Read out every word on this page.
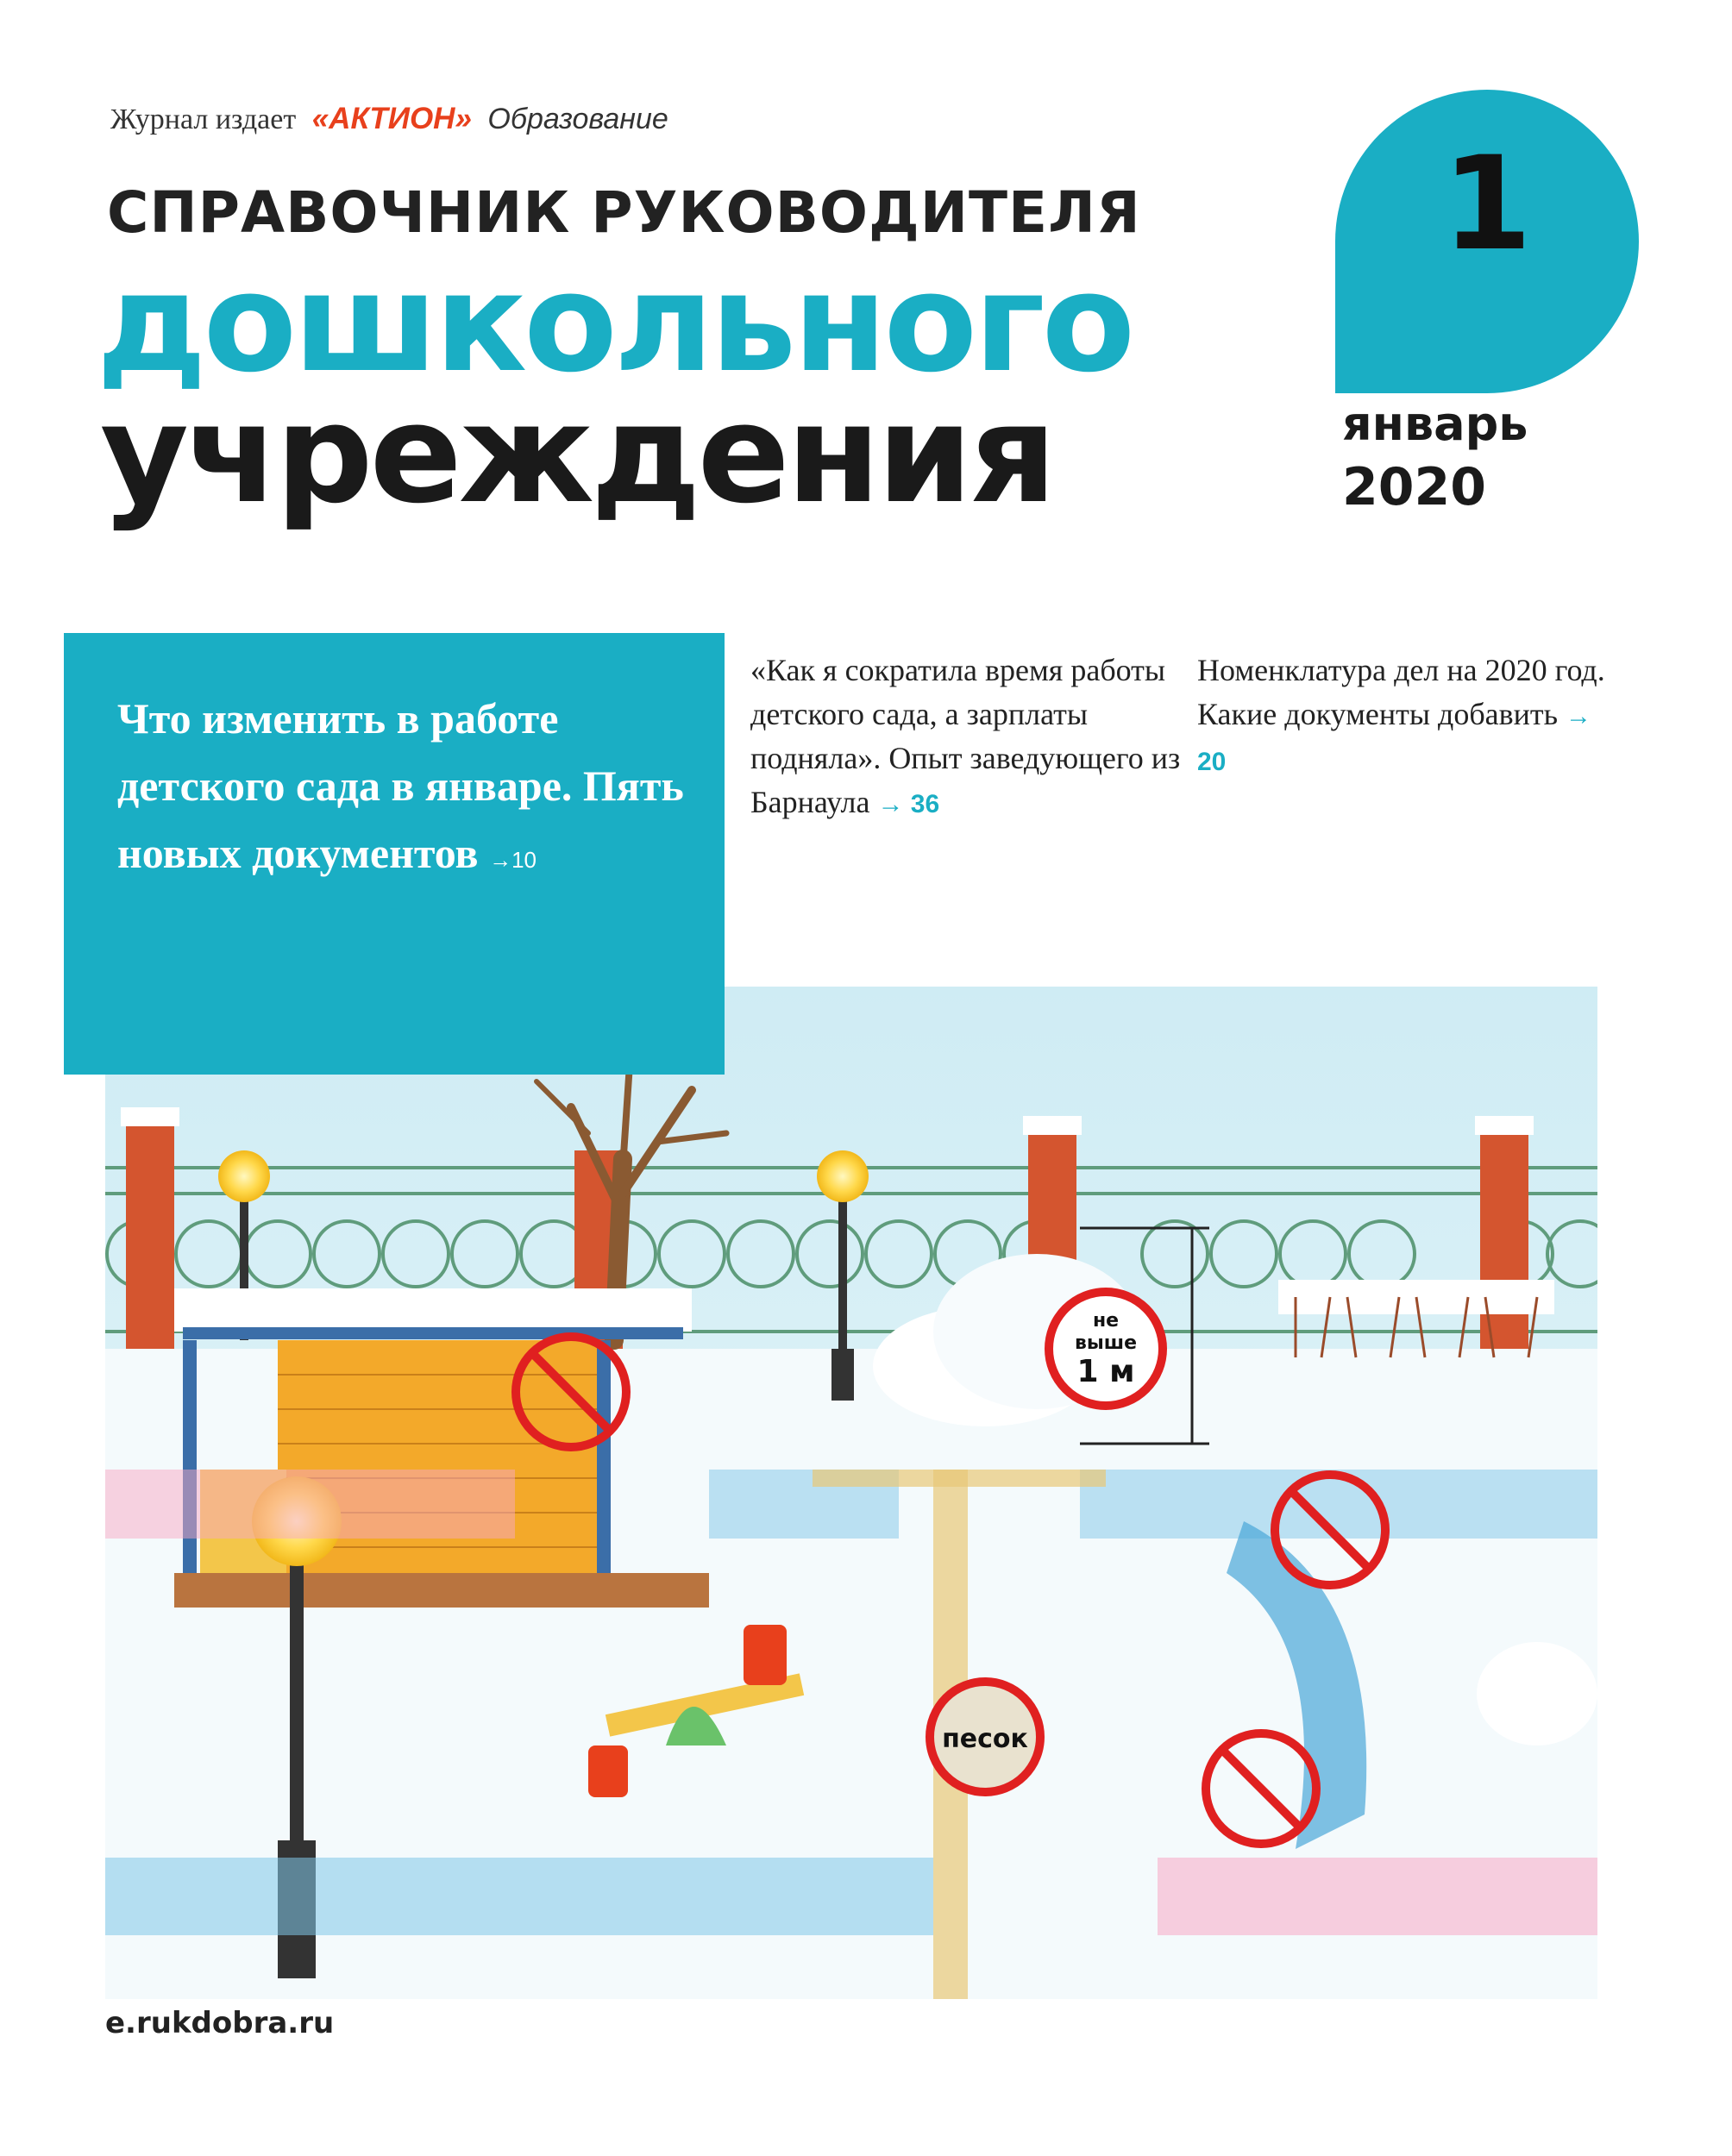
Журнал издает «АКТИОН» Образование
СПРАВОЧНИК РУКОВОДИТЕЛЯ
дошкольного
учреждения
1
январь
2020
«Как я сократила время работы детского сада, а зарплаты подняла». Опыт заведующего из Барнаула → 36
Номенклатура дел на 2020 год. Какие документы добавить → 20
не
выше
1 м
песок
Что изменить в работе детского сада в январе. Пять новых документов →10
e.rukdobra.ru
